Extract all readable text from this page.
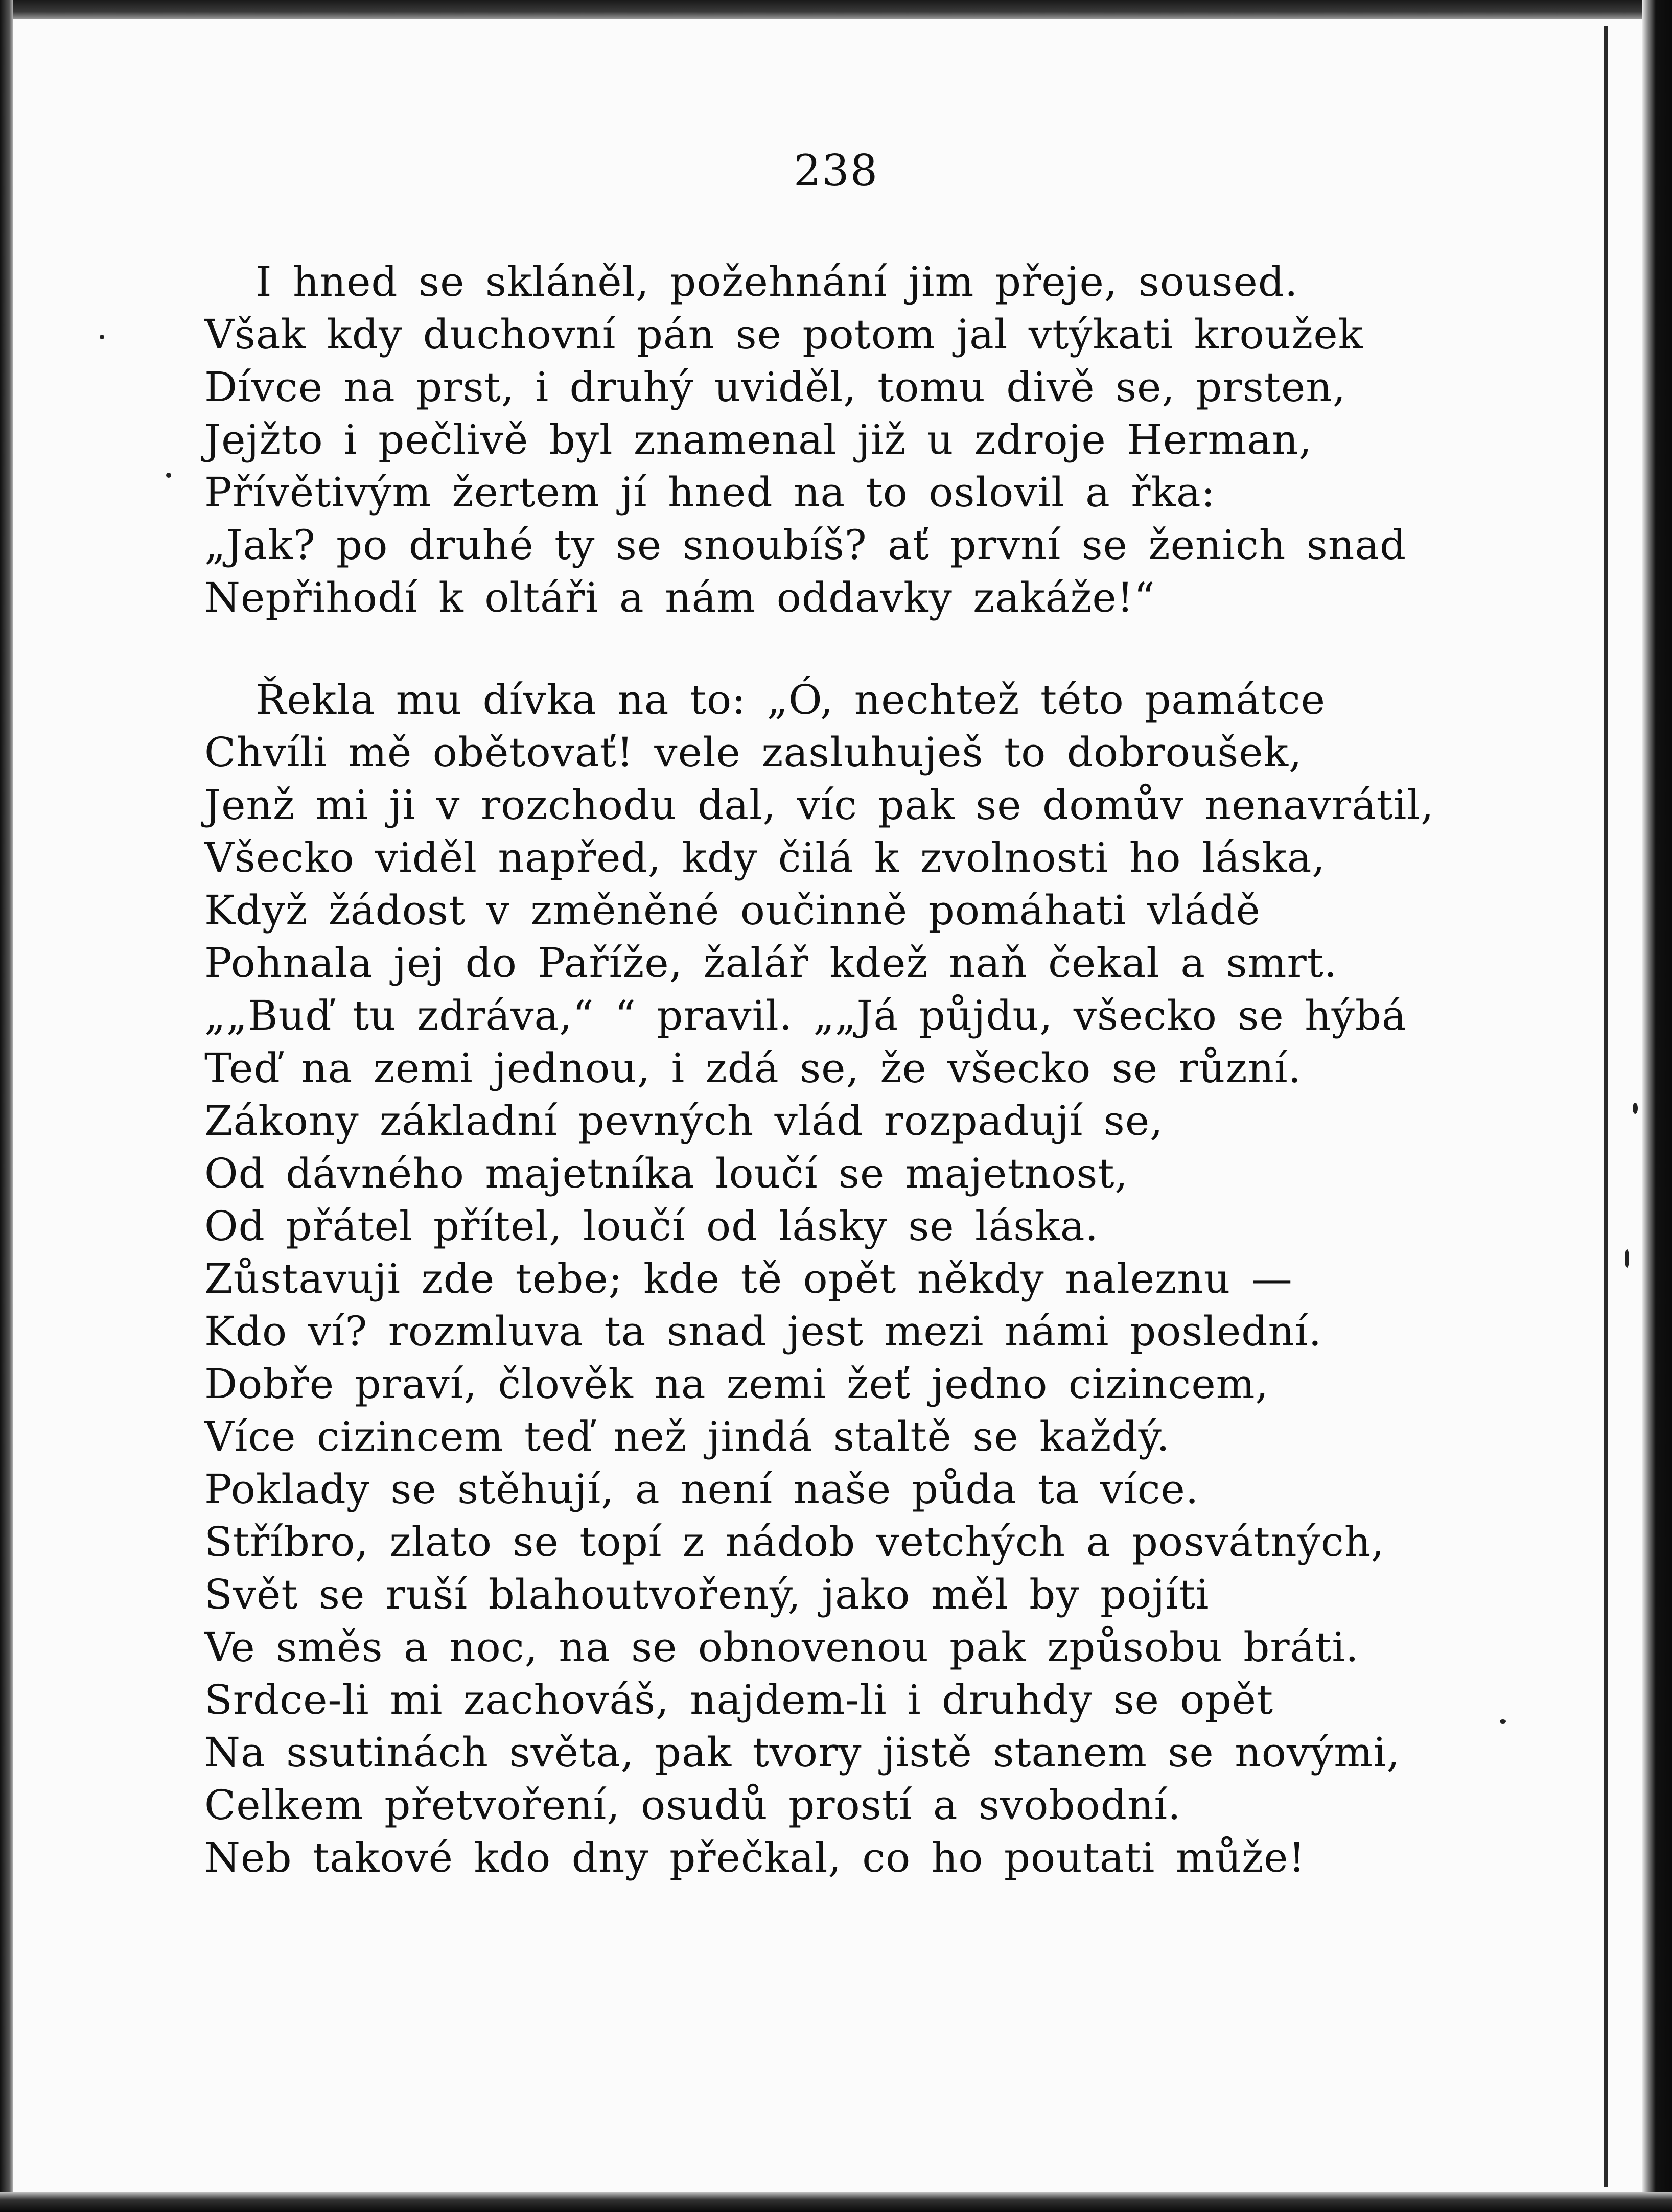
238
I hned se skláněl, požehnání jim přeje, soused.
Však kdy duchovní pán se potom jal vtýkati kroužek
Dívce na prst, i druhý uviděl, tomu divě se, prsten,
Jejžto i pečlivě byl znamenal již u zdroje Herman,
Přívětivým žertem jí hned na to oslovil a řka:
„Jak? po druhé ty se snoubíš? ať první se ženich snad
Nepřihodí k oltáři a nám oddavky zakáže!“
Řekla mu dívka na to: „Ó, nechtež této památce
Chvíli mě obětovať! vele zasluhuješ to dobroušek,
Jenž mi ji v rozchodu dal, víc pak se domův nenavrátil,
Všecko viděl napřed, kdy čilá k zvolnosti ho láska,
Když žádost v změněné oučinně pomáhati vládě
Pohnala jej do Paříže, žalář kdež naň čekal a smrt.
„„Buď tu zdráva,“ “ pravil. „„Já půjdu, všecko se hýbá
Teď na zemi jednou, i zdá se, že všecko se různí.
Zákony základní pevných vlád rozpadují se,
Od dávného majetníka loučí se majetnost,
Od přátel přítel, loučí od lásky se láska.
Zůstavuji zde tebe; kde tě opět někdy naleznu —
Kdo ví? rozmluva ta snad jest mezi námi poslední.
Dobře praví, člověk na zemi žeť jedno cizincem,
Více cizincem teď než jindá staltě se každý.
Poklady se stěhují, a není naše půda ta více.
Stříbro, zlato se topí z nádob vetchých a posvátných,
Svět se ruší blahoutvořený, jako měl by pojíti
Ve směs a noc, na se obnovenou pak způsobu bráti.
Srdce-li mi zachováš, najdem-li i druhdy se opět
Na ssutinách světa, pak tvory jistě stanem se novými,
Celkem přetvoření, osudů prostí a svobodní.
Neb takové kdo dny přečkal, co ho poutati může!
